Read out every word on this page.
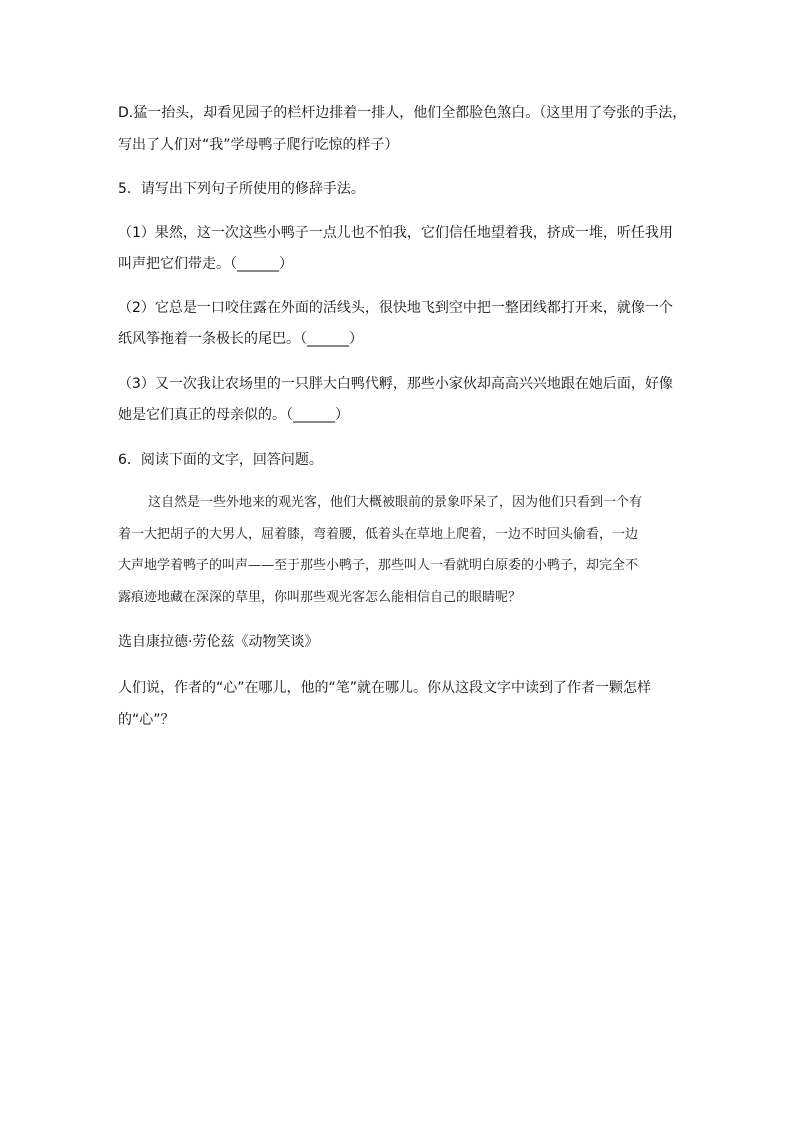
D.猛一抬头，却看见园子的栏杆边排着一排人，他们全都脸色煞白。（这里用了夸张的手法，
写出了人们对“我”学母鸭子爬行吃惊的样子）
5．请写出下列句子所使用的修辞手法。
（1）果然，这一次这些小鸭子一点儿也不怕我，它们信任地望着我，挤成一堆，听任我用
叫声把它们带走。（______）
（2）它总是一口咬住露在外面的活线头，很快地飞到空中把一整团线都打开来，就像一个
纸风筝拖着一条极长的尾巴。（______）
（3）又一次我让农场里的一只胖大白鸭代孵，那些小家伙却高高兴兴地跟在她后面，好像
她是它们真正的母亲似的。（______）
6．阅读下面的文字，回答问题。
这自然是一些外地来的观光客，他们大概被眼前的景象吓呆了，因为他们只看到一个有
着一大把胡子的大男人，屈着膝，弯着腰，低着头在草地上爬着，一边不时回头偷看，一边
大声地学着鸭子的叫声——至于那些小鸭子，那些叫人一看就明白原委的小鸭子，却完全不
露痕迹地藏在深深的草里，你叫那些观光客怎么能相信自己的眼睛呢？
选自康拉德·劳伦兹《动物笑谈》
人们说，作者的“心”在哪儿，他的“笔”就在哪儿。你从这段文字中读到了作者一颗怎样
的“心”？
